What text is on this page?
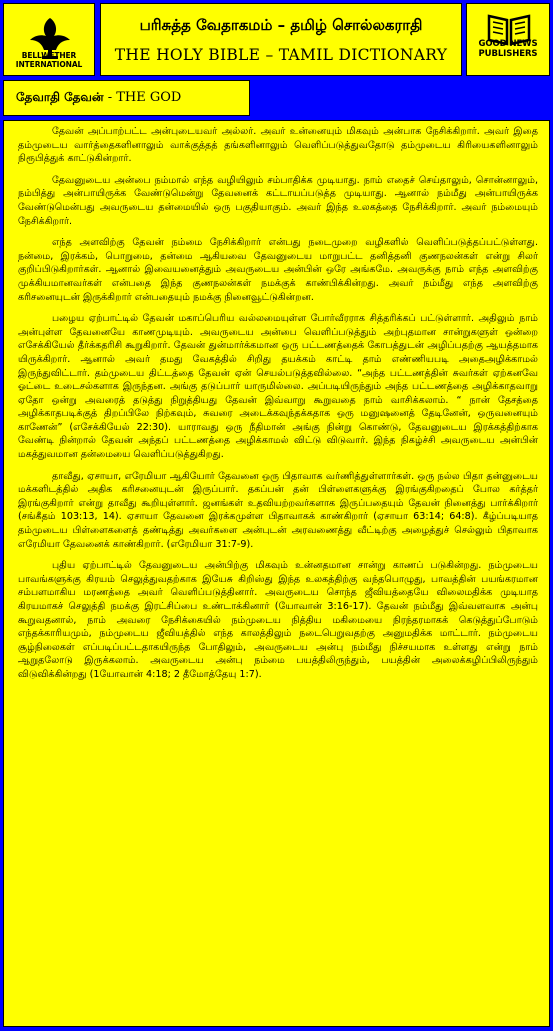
BELLWETHER INTERNATIONAL
பரிசுத்த வேதாகமம் – தமிழ் சொல்லகராதி
THE HOLY BIBLE – TAMIL DICTIONARY
GOOD NEWS PUBLISHERS
தேவாதி தேவன் - THE GOD

தேவன் அப்பாற்பட்ட அன்புடையவர் அல்லர். அவர் உன்னையும் மிகவும் அன்பாக நேசிக்கிறார். அவர் இதை தம்முடைய வார்த்தைகளினாலும் வாக்குத்தத் தங்களினாலும் வெளிப்படுத்துவதோடு தம்முடைய கிரியைகளினாலும் நிரூபித்துக் காட்டுகின்றார்.

தேவனுடைய அன்பை நம்மால் எந்த வழியிலும் சம்பாதிக்க முடியாது. நாம் எதைச் செய்தாலும், சொன்னாலும், நம்பித்து அன்பாயிருக்க வேண்டுமென்று தேவனைக் கட்டாயப்படுத்த முடியாது. ஆனால் நம்மீது அன்பாயிருக்க வேண்டுமென்பது அவருடைய தன்மையில் ஒரு பகுதியாகும். அவர் இந்த உலகத்தை நேசிக்கிறார். அவர் நம்மையும் நேசிக்கிறார்.

எந்த அளவிற்கு தேவன் நம்மை நேசிக்கிறார் என்பது நடைமுறை வழிகளில் வெளிப்படுத்தப்பட்டுள்ளது. நன்மை, இரக்கம், பொறுமை, தன்மை ஆகியவை தேவனுடைய மாறுபட்ட தனித்தனி குணநலன்கள் என்று சிலர் குறிப்பிடுகிறார்கள். ஆனால் இவையனைத்தும் அவருடைய அன்பின் ஒரே அங்கமே. அவருக்கு நாம் எந்த அளவிற்கு முக்கியமானவர்கள் என்பதை இந்த குணநலன்கள் நமக்குக் காண்பிக்கின்றது. அவர் நம்மீது எந்த அளவிற்கு கரிசனையுடன் இருக்கிறார் என்பதையும் நமக்கு நினைவூட்டுகின்றன.

பழைய ஏற்பாட்டில் தேவன் மகாப்பெரிய வல்லமையுள்ள போர்வீரராக சித்தரிக்கப் பட்டுள்ளார். அதிலும் நாம் அன்புள்ள தேவனையே காணமுடியும். அவருடைய அன்பை வெளிப்படுத்தும் அற்புதமான சான்றுகளுள் ஒன்றை எசேக்கியேல் தீர்க்கதரிசி கூறுகிறார். தேவன் துன்மார்க்கமான ஒரு பட்டணத்தைக் கோபத்துடன் அழிப்பதற்கு ஆயத்தமாக யிருக்கிறார். ஆனால் அவர் தமது வேகத்தில் சிறிது தயக்கம் காட்டி தாம் எண்ணியபடி அதைஅழிக்காமல் இருந்துவிட்டார். தம்முடைய திட்டத்தை தேவன் ஏன் செயல்படுத்தவில்லை. “அந்த பட்டணத்தின் சுவர்கள் ஏற்கனவே ஓட்டை உடைசல்களாக இருந்தன. அங்கு தடுப்பார் யாருமில்லை. அப்படியிருந்தும் அந்த பட்டணத்தை அழிக்காதவாறு ஏதோ ஒன்று அவரைத் தடுத்து நிறுத்தியது தேவன் இவ்வாறு கூறுவதை நாம் வாசிக்கலாம். “ நான் தேசத்தை அழிக்காதபடிக்குத் திறப்பிலே நிற்கவும், சுவரை அடைக்கவுந்தக்கதாக ஒரு மனுஷனைத் தேடினேன், ஒருவனையும் காணேன்” (எசேக்கியேல் 22:30). யாராவது ஒரு நீதிமான் அங்கு நின்று கொண்டு, தேவனுடைய இரக்கத்திற்காக வேண்டி நின்றால் தேவன் அந்தப் பட்டணத்தை அழிக்காமல் விட்டு விடுவார். இந்த நிகழ்ச்சி அவருடைய அன்பின் மகத்துவமான தன்மையை வெளிப்படுத்துகிறது.

தாவீது, ஏசாயா, எரேமியா ஆகியோர் தேவனை ஒரு பிதாவாக வர்ணித்துள்ளார்கள். ஒரு நல்ல பிதா தன்னுடைய மக்களிடத்தில் அதிக கரிசனையுடன் இருப்பார். தகப்பன் தன் பிள்ளைகளுக்கு இரங்குகிறதைப் போல கர்த்தர் இரங்குகிறார் என்று தாவீது கூறியுள்ளார். ஜனங்கள் உதவியற்றவர்களாக இருப்பதையும் தேவன் நினைத்து பார்க்கிறார் (சங்கீதம் 103:13, 14). ஏசாயா தேவனை இரக்கமுள்ள பிதாவாகக் காண்கிறார் (ஏசாயா 63:14; 64:8). கீழ்ப்படியாத தம்முடைய பிள்ளைகளைத் தண்டித்து அவர்களை அன்புடன் அரவணைத்து வீட்டிற்கு அழைத்துச் செல்லும் பிதாவாக எரேமியா தேவனைக் காண்கிறார். (எரேமியா 31:7-9).

புதிய ஏற்பாட்டில் தேவனுடைய அன்பிற்கு மிகவும் உன்னதமான சான்று காணப் படுகின்றது. நம்முடைய பாவங்களுக்கு கிரயம் செலுத்துவதற்காக இயேசு கிறிஸ்து இந்த உலகத்திற்கு வந்தபொழுது, பாவத்தின் பயங்கரமான சம்பளமாகிய மரணத்தை அவர் வெளிப்படுத்தினார். அவருடைய சொந்த ஜீவியத்தையே விலைமதிக்க முடியாத கிரயமாகச் செலுத்தி நமக்கு இரட்சிப்பை உண்டாக்கினார் (யோவான் 3:16-17). தேவன் நம்மீது இவ்வளவாக அன்பு கூறுவதனால், நாம் அவரை நேசிக்கையில் நம்முடைய நித்திய மகிமையை நிரந்தரமாகக் கெடுத்துப்போடும் எந்தக்காரியமும், நம்முடைய ஜீவியத்தில் எந்த காலத்திலும் நடைபெறுவதற்கு அனுமதிக்க மாட்டார். நம்முடைய சூழ்நிலைகள் எப்படிப்பட்டதாகயிருந்த போதிலும், அவருடைய அன்பு நம்மீது நிச்சயமாக உள்ளது என்று நாம் ஆறுதலோடு இருக்கலாம். அவருடைய அன்பு நம்மை பயத்திலிருந்தும், பயத்தின் அலைக்கழிப்பிலிருந்தும் விடுவிக்கின்றது (1யோவான் 4:18; 2 தீமோத்தேயு 1:7).
